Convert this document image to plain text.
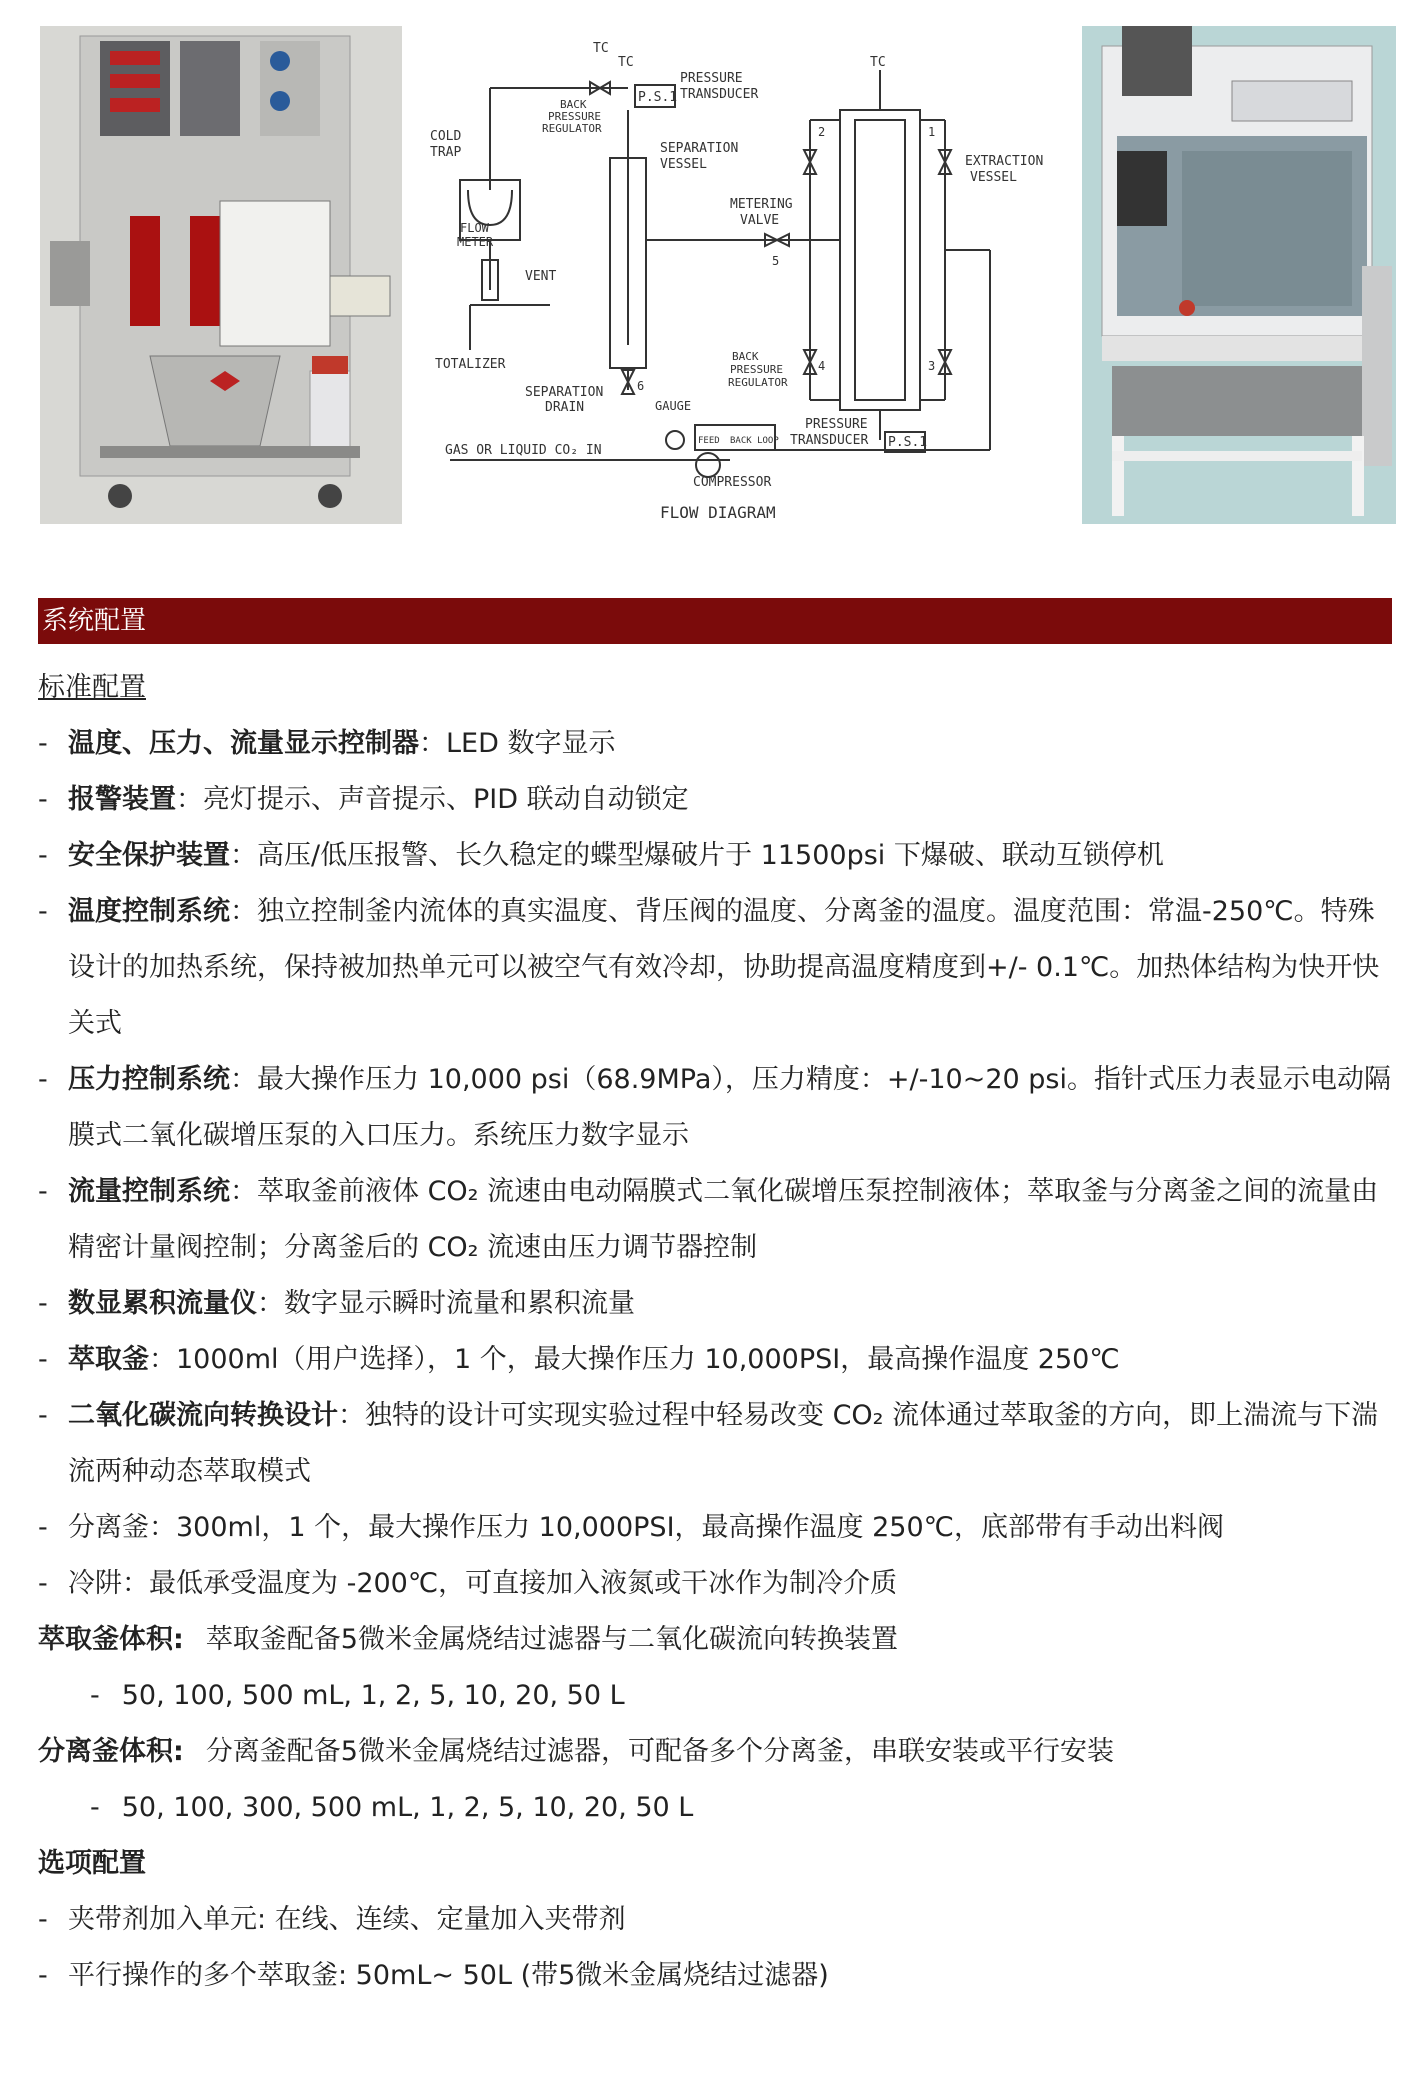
TC
TC	TC
P.S.1
P.S.1
PRESSURE
TRANSDUCER
BACK
PRESSURE
REGULATOR
SEPARATION
VESSEL
COLD
TRAP
FLOW
METER
VENT
TOTALIZER
METERING
VALVE
EXTRACTION
VESSEL
SEPARATION
DRAIN
BACK
PRESSURE
REGULATOR
GAUGE
FEED BACK LOOP
PRESSURE
TRANSDUCER
GAS OR LIQUID CO₂ IN
COMPRESSOR
1
2
3
4
5
6
FLOW DIAGRAM
系统配置

标准配置

- 温度、压力、流量显示控制器：LED 数字显示
- 报警装置：亮灯提示、声音提示、PID 联动自动锁定
- 安全保护装置：高压/低压报警、长久稳定的蝶型爆破片于 11500psi 下爆破、联动互锁停机
- 温度控制系统：独立控制釜内流体的真实温度、背压阀的温度、分离釜的温度。温度范围：常温-250℃。特殊设计的加热系统，保持被加热单元可以被空气有效冷却，协助提高温度精度到+/- 0.1℃。加热体结构为快开快关式
- 压力控制系统：最大操作压力 10,000 psi（68.9MPa），压力精度：+/-10~20 psi。指针式压力表显示电动隔膜式二氧化碳增压泵的入口压力。系统压力数字显示
- 流量控制系统：萃取釜前液体 CO₂ 流速由电动隔膜式二氧化碳增压泵控制液体；萃取釜与分离釜之间的流量由精密计量阀控制；分离釜后的 CO₂ 流速由压力调节器控制
- 数显累积流量仪：数字显示瞬时流量和累积流量
- 萃取釜：1000ml（用户选择），1 个，最大操作压力 10,000PSI，最高操作温度 250℃
- 二氧化碳流向转换设计：独特的设计可实现实验过程中轻易改变 CO₂ 流体通过萃取釜的方向，即上湍流与下湍流两种动态萃取模式
- 分离釜：300ml，1 个，最大操作压力 10,000PSI，最高操作温度 250℃，底部带有手动出料阀
- 冷阱：最低承受温度为 -200℃，可直接加入液氮或干冰作为制冷介质

萃取釜体积: 萃取釜配备5微米金属烧结过滤器与二氧化碳流向转换装置

- 50, 100, 500 mL, 1, 2, 5, 10, 20, 50 L

分离釜体积: 分离釜配备5微米金属烧结过滤器，可配备多个分离釜，串联安装或平行安装

- 50, 100, 300, 500 mL, 1, 2, 5, 10, 20, 50 L

选项配置

- 夹带剂加入单元: 在线、连续、定量加入夹带剂
- 平行操作的多个萃取釜: 50mL~ 50L (带5微米金属烧结过滤器)
